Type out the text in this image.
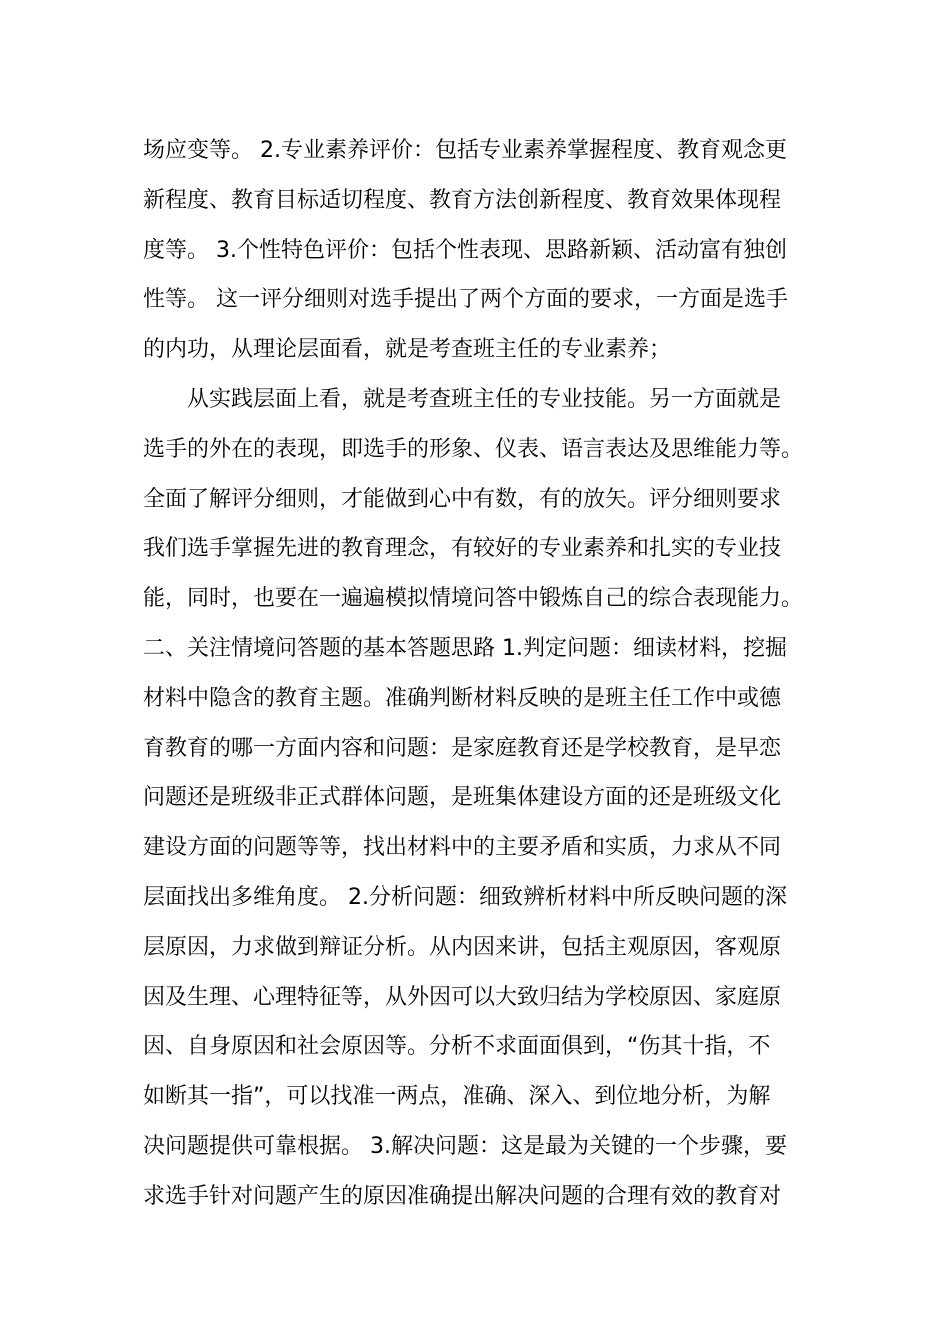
场应变等。 2.专业素养评价：包括专业素养掌握程度、教育观念更
新程度、教育目标适切程度、教育方法创新程度、教育效果体现程
度等。 3.个性特色评价：包括个性表现、思路新颖、活动富有独创
性等。 这一评分细则对选手提出了两个方面的要求，一方面是选手
的内功，从理论层面看，就是考查班主任的专业素养；
从实践层面上看，就是考查班主任的专业技能。另一方面就是
选手的外在的表现，即选手的形象、仪表、语言表达及思维能力等。
全面了解评分细则，才能做到心中有数，有的放矢。评分细则要求
我们选手掌握先进的教育理念，有较好的专业素养和扎实的专业技
能，同时，也要在一遍遍模拟情境问答中锻炼自己的综合表现能力。
二、关注情境问答题的基本答题思路 1.判定问题：细读材料，挖掘
材料中隐含的教育主题。准确判断材料反映的是班主任工作中或德
育教育的哪一方面内容和问题：是家庭教育还是学校教育，是早恋
问题还是班级非正式群体问题，是班集体建设方面的还是班级文化
建设方面的问题等等，找出材料中的主要矛盾和实质，力求从不同
层面找出多维角度。 2.分析问题：细致辨析材料中所反映问题的深
层原因，力求做到辩证分析。从内因来讲，包括主观原因，客观原
因及生理、心理特征等，从外因可以大致归结为学校原因、家庭原
因、自身原因和社会原因等。分析不求面面俱到，“伤其十指，不
如断其一指”，可以找准一两点，准确、深入、到位地分析，为解
决问题提供可靠根据。 3.解决问题：这是最为关键的一个步骤，要
求选手针对问题产生的原因准确提出解决问题的合理有效的教育对
